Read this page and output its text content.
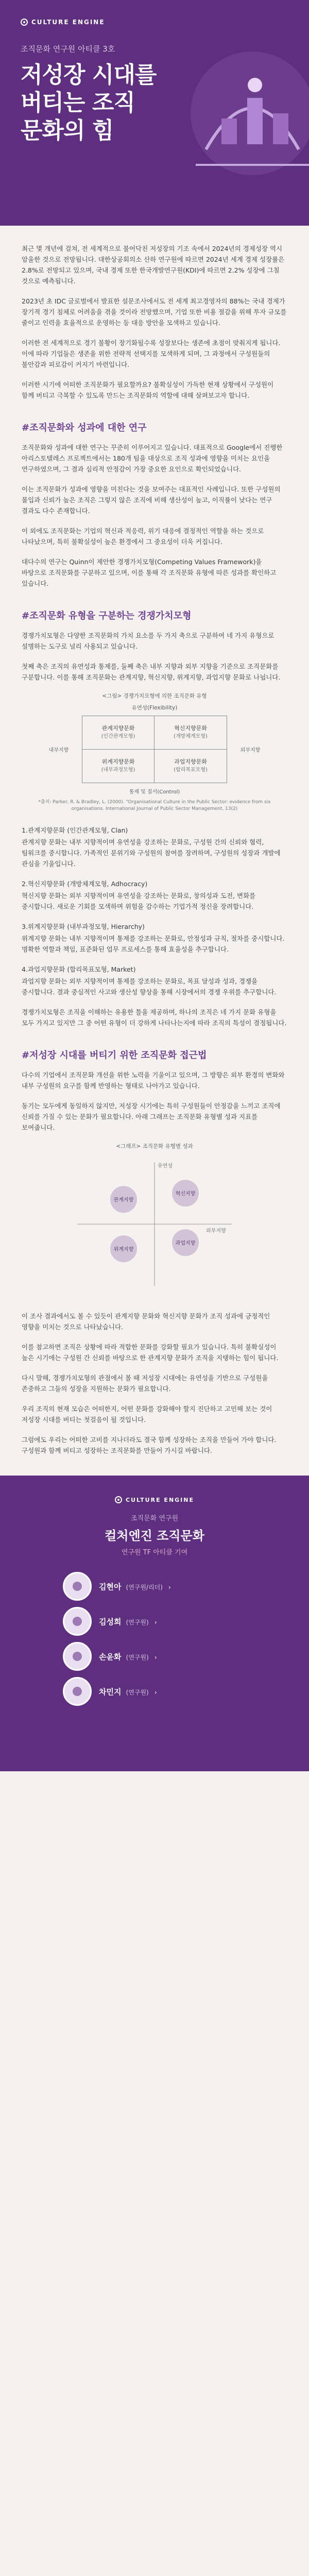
CULTURE ENGINE
조직문화 연구원 아티클 3호
저성장 시대를
버티는 조직
문화의 힘

최근 몇 개년에 걸쳐, 전 세계적으로 불어닥친 저성장의 기조 속에서 2024년의 경제성장 역시 암울한 것으로 전망됩니다. 대한상공회의소 산하 연구원에 따르면 2024년 세계 경제 성장률은 2.8%로 전망되고 있으며, 국내 경제 또한 한국개발연구원(KDI)에 따르면 2.2% 성장에 그칠 것으로 예측됩니다.

2023년 초 IDC 글로벌에서 발표한 설문조사에서도 전 세계 최고경영자의 88%는 국내 경제가 장기적 경기 침체로 어려움을 겪을 것이라 전망했으며, 기업 또한 비용 절감을 위해 투자 규모를 줄이고 인력을 효율적으로 운영하는 등 대응 방안을 모색하고 있습니다.

이러한 전 세계적으로 경기 불황이 장기화될수록 성장보다는 생존에 초점이 맞춰지게 됩니다. 이에 따라 기업들은 생존을 위한 전략적 선택지를 모색하게 되며, 그 과정에서 구성원들의 불안감과 피로감이 커지기 마련입니다.

이러한 시기에 어떠한 조직문화가 필요할까요? 불확실성이 가득한 현재 상황에서 구성원이 함께 버티고 극복할 수 있도록 만드는 조직문화의 역할에 대해 살펴보고자 합니다.

#조직문화와 성과에 대한 연구

조직문화와 성과에 대한 연구는 꾸준히 이루어지고 있습니다. 대표적으로 Google에서 진행한 아리스토텔레스 프로젝트에서는 180개 팀을 대상으로 조직 성과에 영향을 미치는 요인을 연구하였으며, 그 결과 심리적 안정감이 가장 중요한 요인으로 확인되었습니다.

이는 조직문화가 성과에 영향을 미친다는 것을 보여주는 대표적인 사례입니다. 또한 구성원의 몰입과 신뢰가 높은 조직은 그렇지 않은 조직에 비해 생산성이 높고, 이직률이 낮다는 연구 결과도 다수 존재합니다.

이 외에도 조직문화는 기업의 혁신과 적응력, 위기 대응에 결정적인 역할을 하는 것으로 나타났으며, 특히 불확실성이 높은 환경에서 그 중요성이 더욱 커집니다.

대다수의 연구는 Quinn이 제안한 경쟁가치모형(Competing Values Framework)을 바탕으로 조직문화를 구분하고 있으며, 이를 통해 각 조직문화 유형에 따른 성과를 확인하고 있습니다.

#조직문화 유형을 구분하는 경쟁가치모형

경쟁가치모형은 다양한 조직문화의 가치 요소를 두 가지 축으로 구분하여 네 가지 유형으로 설명하는 도구로 널리 사용되고 있습니다.

첫째 축은 조직의 유연성과 통제를, 둘째 축은 내부 지향과 외부 지향을 기준으로 조직문화를 구분합니다. 이를 통해 조직문화는 관계지향, 혁신지향, 위계지향, 과업지향 문화로 나뉩니다.

<그림> 경쟁가치모형에 의한 조직문화 유형
유연성(Flexibility)
내부지향
관계지향문화
(인간관계모형)
혁신지향문화
(개방체계모형)
위계지향문화
(내부과정모형)
과업지향문화
(합리목표모형)
외부지향
통제 및 질서(Control)
*출처: Parker, R. & Bradley, L. (2000). "Organisational Culture in the Public Sector: evidence from six organisations. International Journal of Public Sector Management, 13(2)

1.관계지향문화 (인간관계모형, Clan)

관계지향 문화는 내부 지향적이며 유연성을 강조하는 문화로, 구성원 간의 신뢰와 협력, 팀워크를 중시합니다. 가족적인 분위기와 구성원의 참여를 장려하며, 구성원의 성장과 개발에 관심을 기울입니다.

2.혁신지향문화 (개방체계모형, Adhocracy)

혁신지향 문화는 외부 지향적이며 유연성을 강조하는 문화로, 창의성과 도전, 변화를 중시합니다. 새로운 기회를 모색하며 위험을 감수하는 기업가적 정신을 장려합니다.

3.위계지향문화 (내부과정모형, Hierarchy)

위계지향 문화는 내부 지향적이며 통제를 강조하는 문화로, 안정성과 규칙, 절차를 중시합니다. 명확한 역할과 책임, 표준화된 업무 프로세스를 통해 효율성을 추구합니다.

4.과업지향문화 (합리목표모형, Market)

과업지향 문화는 외부 지향적이며 통제를 강조하는 문화로, 목표 달성과 성과, 경쟁을 중시합니다. 결과 중심적인 사고와 생산성 향상을 통해 시장에서의 경쟁 우위를 추구합니다.

경쟁가치모형은 조직을 이해하는 유용한 틀을 제공하며, 하나의 조직은 네 가지 문화 유형을 모두 가지고 있지만 그 중 어떤 유형이 더 강하게 나타나는지에 따라 조직의 특성이 결정됩니다.

#저성장 시대를 버티기 위한 조직문화 접근법

다수의 기업에서 조직문화 개선을 위한 노력을 기울이고 있으며, 그 방향은 외부 환경의 변화와 내부 구성원의 요구를 함께 반영하는 형태로 나아가고 있습니다.

동기는 모두에게 동일하지 않지만, 저성장 시기에는 특히 구성원들이 안정감을 느끼고 조직에 신뢰를 가질 수 있는 문화가 필요합니다. 아래 그래프는 조직문화 유형별 성과 지표를 보여줍니다.

<그래프> 조직문화 유형별 성과
유연성
외부지향
관계지향
혁신지향
위계지향
과업지향

이 조사 결과에서도 볼 수 있듯이 관계지향 문화와 혁신지향 문화가 조직 성과에 긍정적인 영향을 미치는 것으로 나타났습니다.

이를 참고하면 조직은 상황에 따라 적합한 문화를 강화할 필요가 있습니다. 특히 불확실성이 높은 시기에는 구성원 간 신뢰를 바탕으로 한 관계지향 문화가 조직을 지탱하는 힘이 됩니다.

다시 말해, 경쟁가치모형의 관점에서 볼 때 저성장 시대에는 유연성을 기반으로 구성원을 존중하고 그들의 성장을 지원하는 문화가 필요합니다.

우리 조직의 현재 모습은 어떠한지, 어떤 문화를 강화해야 할지 진단하고 고민해 보는 것이 저성장 시대를 버티는 첫걸음이 될 것입니다.

그럼에도 우리는 어떠한 고비를 지나더라도 결국 함께 성장하는 조직을 만들어 가야 합니다. 구성원과 함께 버티고 성장하는 조직문화를 만들어 가시길 바랍니다.

CULTURE ENGINE
조직문화 연구원
컬처엔진 조직문화
연구원 TF 아티클 기여
김현아 (연구원/리더) ›
김성희 (연구원) ›
손윤화 (연구원) ›
차민지 (연구원) ›
